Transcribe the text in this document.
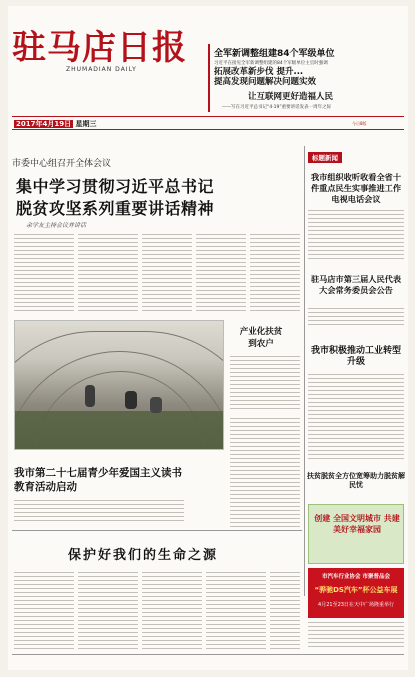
驻马店日报
ZHUMADIAN DAILY
全军新调整组建84个军级单位
习近平在接见全军新调整组建的84个军级单位主官时强调
拓展改革新步伐 提升...
提高发现问题解决问题实效
让互联网更好造福人民
——写在习近平总书记“4·19”重要讲话发表一周年之际
2017年4月19日 星期三	今日8版
市委中心组召开全体会议
集中学习贯彻习近平总书记
脱贫攻坚系列重要讲话精神
余学友主持会议并讲话
产业化扶贫
到农户
标题新闻
我市组织收听收看全省十件重点民生实事推进工作电视电话会议
驻马店市第三届人民代表大会常务委员会公告
我市积极推动工业转型升级
扶贫脱贫全方位宽筹助力脱贫解民忧
创建 全国文明城市 共建美好幸福家园
市汽车行业协会 市聚普品会
“骅驰DS汽车”杯公益车展
4月21至23日在天中广场隆重举行
我市第二十七届青少年爱国主义读书教育活动启动
保护好我们的生命之源
